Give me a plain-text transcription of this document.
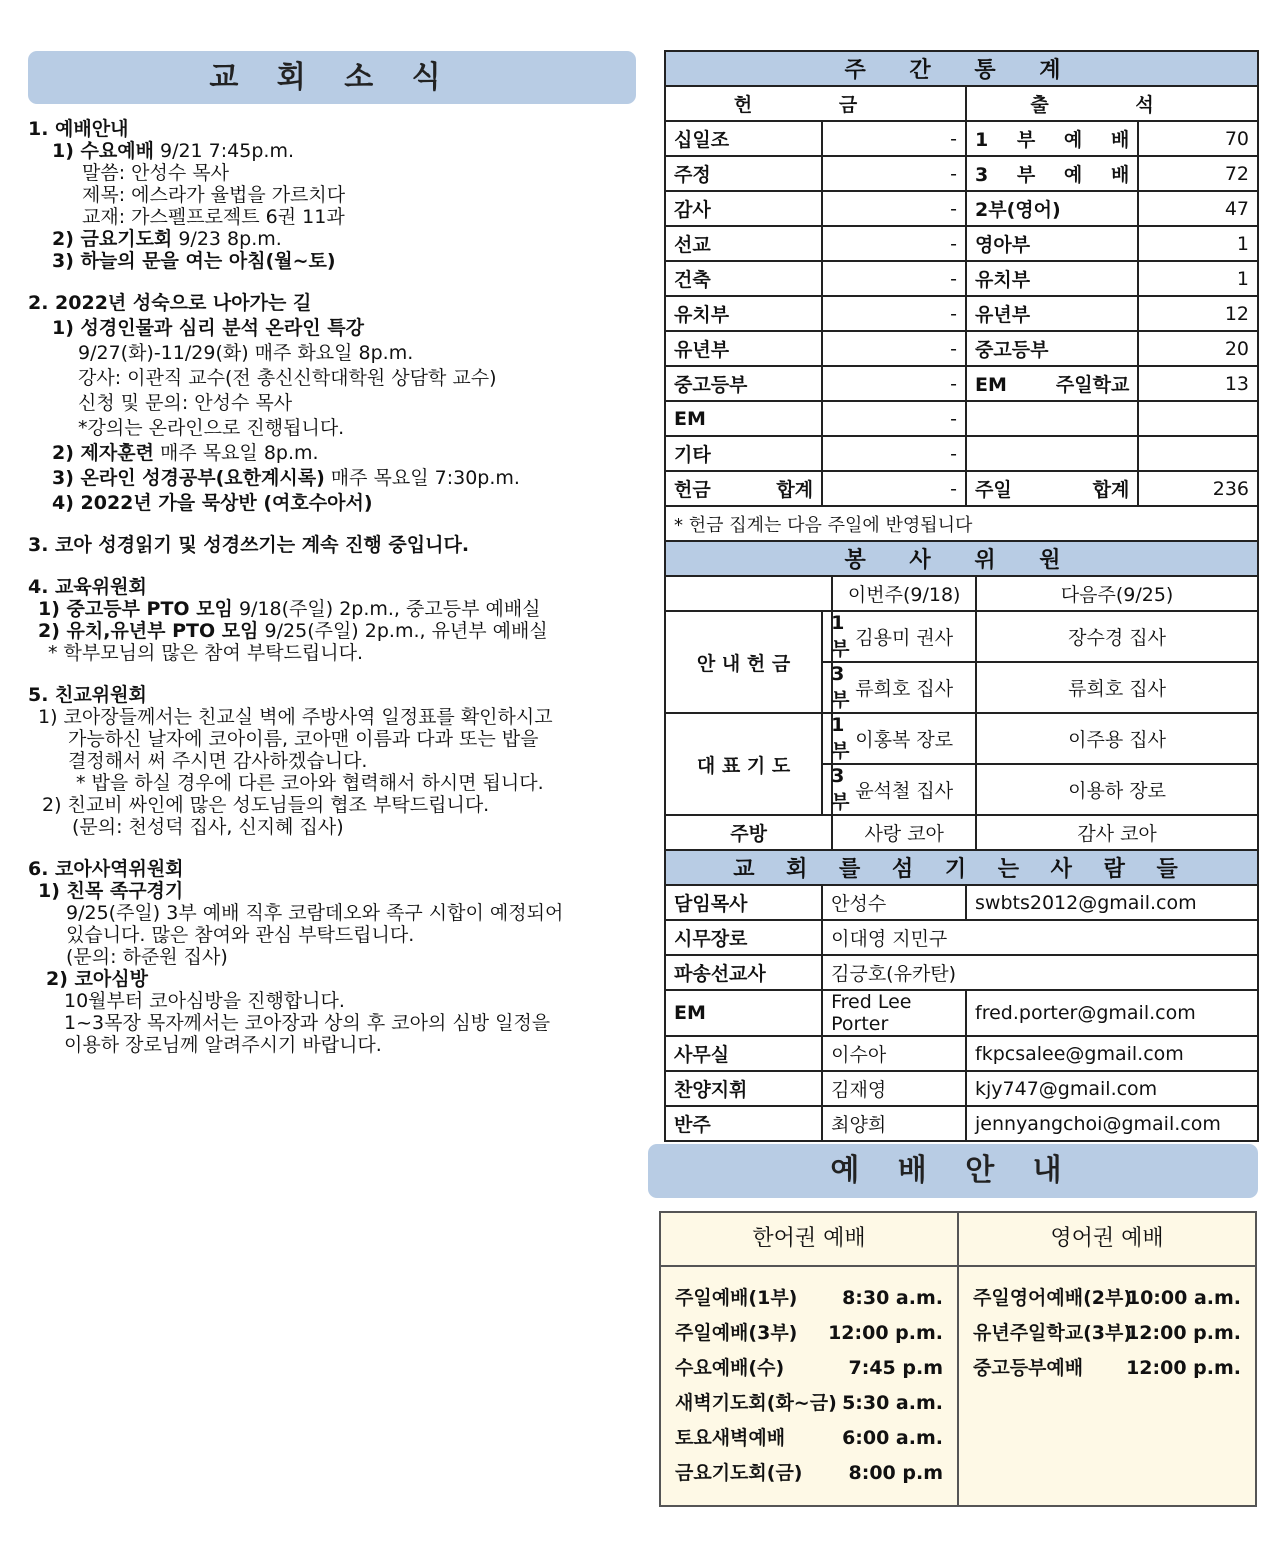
교 회 소 식
1. 예배안내
1) 수요예배 9/21 7:45p.m.
말씀: 안성수 목사
제목: 에스라가 율법을 가르치다
교재: 가스펠프로젝트 6권 11과
2) 금요기도회 9/23 8p.m.
3) 하늘의 문을 여는 아침(월~토)
2. 2022년 성숙으로 나아가는 길
1) 성경인물과 심리 분석 온라인 특강
9/27(화)-11/29(화) 매주 화요일 8p.m.
강사: 이관직 교수(전 총신신학대학원 상담학 교수)
신청 및 문의: 안성수 목사
*강의는 온라인으로 진행됩니다.
2) 제자훈련 매주 목요일 8p.m.
3) 온라인 성경공부(요한계시록) 매주 목요일 7:30p.m.
4) 2022년 가을 묵상반 (여호수아서)
3. 코아 성경읽기 및 성경쓰기는 계속 진행 중입니다.
4. 교육위원회
1) 중고등부 PTO 모임 9/18(주일) 2p.m., 중고등부 예배실
2) 유치,유년부 PTO 모임 9/25(주일) 2p.m., 유년부 예배실
* 학부모님의 많은 참여 부탁드립니다.
5. 친교위원회
1) 코아장들께서는 친교실 벽에 주방사역 일정표를 확인하시고
가능하신 날자에 코아이름, 코아맨 이름과 다과 또는 밥을
결정해서 써 주시면 감사하겠습니다.
* 밥을 하실 경우에 다른 코아와 협력해서 하시면 됩니다.
2) 친교비 싸인에 많은 성도님들의 협조 부탁드립니다.
(문의: 천성덕 집사, 신지혜 집사)
6. 코아사역위원회
1) 친목 족구경기
9/25(주일) 3부 예배 직후 코람데오와 족구 시합이 예정되어
있습니다. 많은 참여와 관심 부탁드립니다.
(문의: 하준원 집사)
2) 코아심방
10월부터 코아심방을 진행합니다.
1~3목장 목자께서는 코아장과 상의 후 코아의 심방 일정을
이용하 장로님께 알려주시기 바랍니다.
주 간 통 계					
헌 금			출 석		
십일조	-		1 부 예 배		70
주정	-		3 부 예 배		72
감사	-		2부(영어)		47
선교	-		영아부		1
건축	-		유치부		1
유치부	-		유년부		12
유년부	-		중고등부		20
중고등부	-		EM 주일학교		13
EM	-				
기타	-				
헌금 합계	-		주일 합계		236
* 헌금 집계는 다음 주일에 반영됩니다					
봉 사 위 원					
		이번주(9/18)		다음주(9/25)	
안 내 헌 금	1부	김용미 권사		장수경 집사	
	3부	류희호 집사		류희호 집사	
대 표 기 도	1부	이홍복 장로		이주용 집사	
	3부	윤석철 집사		이용하 장로	
주방		사랑 코아		감사 코아	
교 회 를 섬 기 는 사 람 들					
담임목사	안성수		swbts2012@gmail.com		
시무장로	이대영 지민구				
파송선교사	김긍호(유카탄)				
EM	Fred Lee Porter		fred.porter@gmail.com		
사무실	이수아		fkpcsalee@gmail.com		
찬양지휘	김재영		kjy747@gmail.com		
반주	최양희		jennyangchoi@gmail.com		
예 배 안 내
한어권 예배
주일예배(1부) 8:30 a.m.
주일예배(3부) 12:00 p.m.
수요예배(수)	7:45 p.m
새벽기도회(화~금) 5:30 a.m.
토요새벽예배	6:00 a.m.
금요기도회(금) 8:00 p.m
영어권 예배
주일영어예배(2부)
10:00 a.m.
유년주일학교(3부)
12:00 p.m.
중고등부예배 12:00 p.m.
